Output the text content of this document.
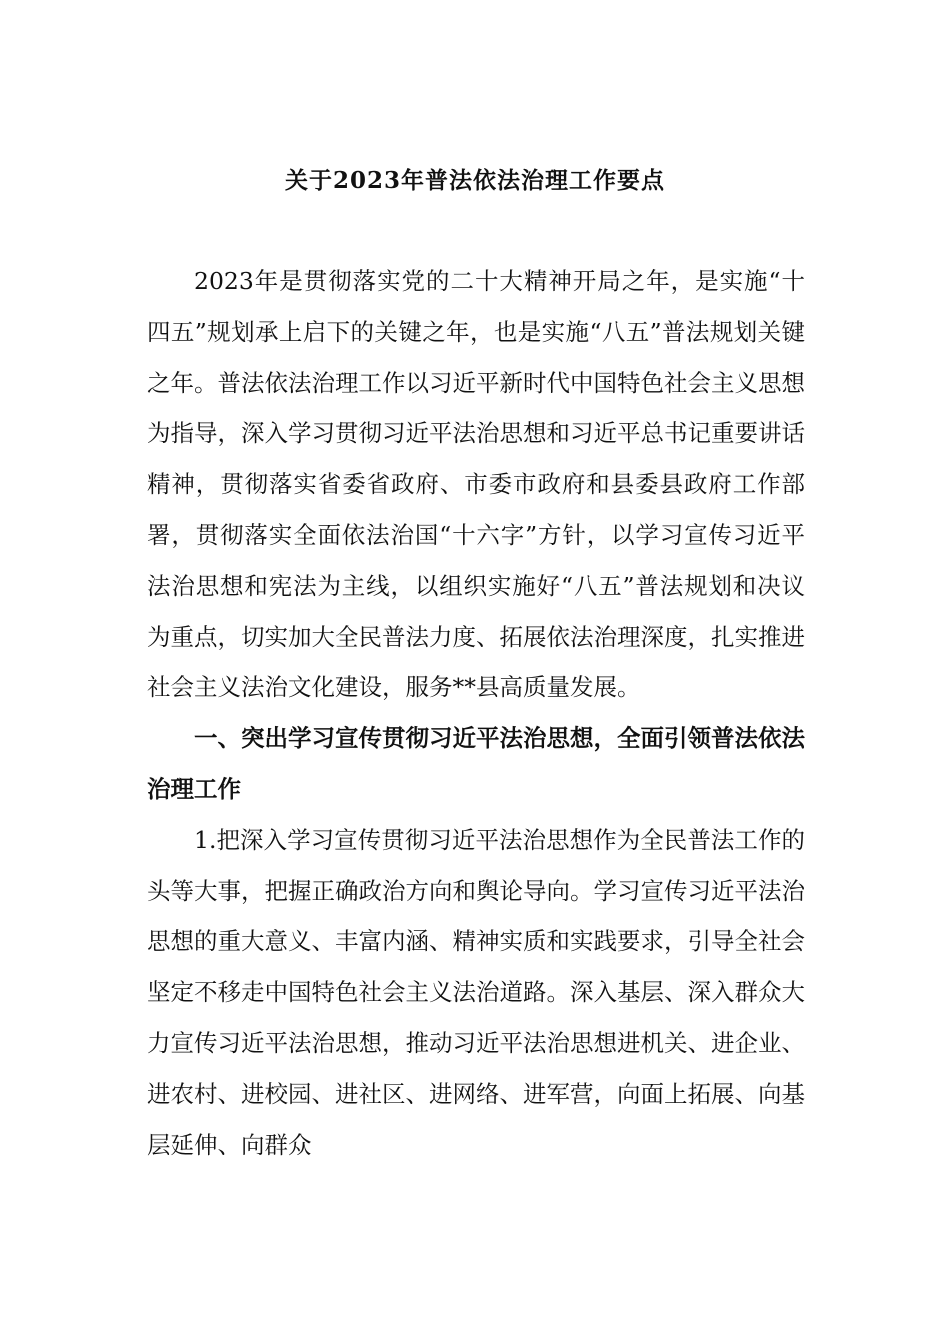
关于2023年普法依法治理工作要点

2023年是贯彻落实党的二十大精神开局之年，是实施“十四五”规划承上启下的关键之年，也是实施“八五”普法规划关键之年。普法依法治理工作以习近平新时代中国特色社会主义思想为指导，深入学习贯彻习近平法治思想和习近平总书记重要讲话精神，贯彻落实省委省政府、市委市政府和县委县政府工作部署，贯彻落实全面依法治国“十六字”方针，以学习宣传习近平法治思想和宪法为主线，以组织实施好“八五”普法规划和决议为重点，切实加大全民普法力度、拓展依法治理深度，扎实推进社会主义法治文化建设，服务**县高质量发展。

一、突出学习宣传贯彻习近平法治思想，全面引领普法依法治理工作

1.把深入学习宣传贯彻习近平法治思想作为全民普法工作的头等大事，把握正确政治方向和舆论导向。学习宣传习近平法治思想的重大意义、丰富内涵、精神实质和实践要求，引导全社会坚定不移走中国特色社会主义法治道路。深入基层、深入群众大力宣传习近平法治思想，推动习近平法治思想进机关、进企业、进农村、进校园、进社区、进网络、进军营，向面上拓展、向基层延伸、向群众
